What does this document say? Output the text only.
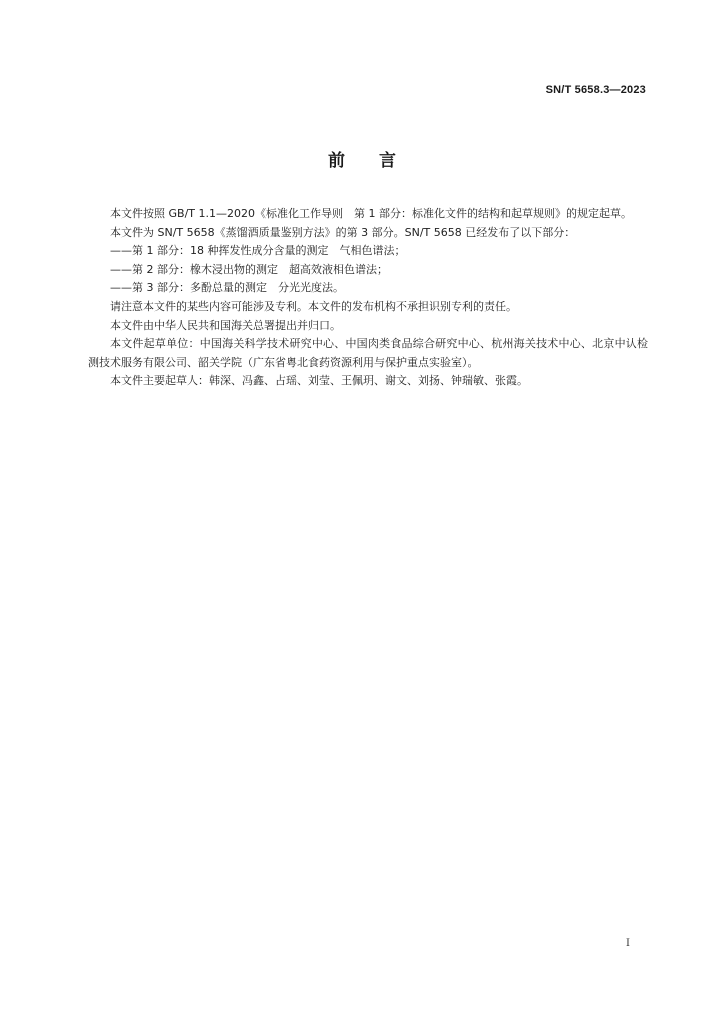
SN/T 5658.3—2023
前言

本文件按照 GB/T 1.1—2020《标准化工作导则　第 1 部分：标准化文件的结构和起草规则》的规定起草。

本文件为 SN/T 5658《蒸馏酒质量鉴别方法》的第 3 部分。SN/T 5658 已经发布了以下部分：

——第 1 部分：18 种挥发性成分含量的测定　气相色谱法；

——第 2 部分：橡木浸出物的测定　超高效液相色谱法；

——第 3 部分：多酚总量的测定　分光光度法。

请注意本文件的某些内容可能涉及专利。本文件的发布机构不承担识别专利的责任。

本文件由中华人民共和国海关总署提出并归口。

本文件起草单位：中国海关科学技术研究中心、中国肉类食品综合研究中心、杭州海关技术中心、北京中认检测技术服务有限公司、韶关学院（广东省粤北食药资源利用与保护重点实验室）。

本文件主要起草人：韩深、冯鑫、占瑶、刘莹、王佩玥、谢文、刘扬、钟瑞敏、张霞。

I
